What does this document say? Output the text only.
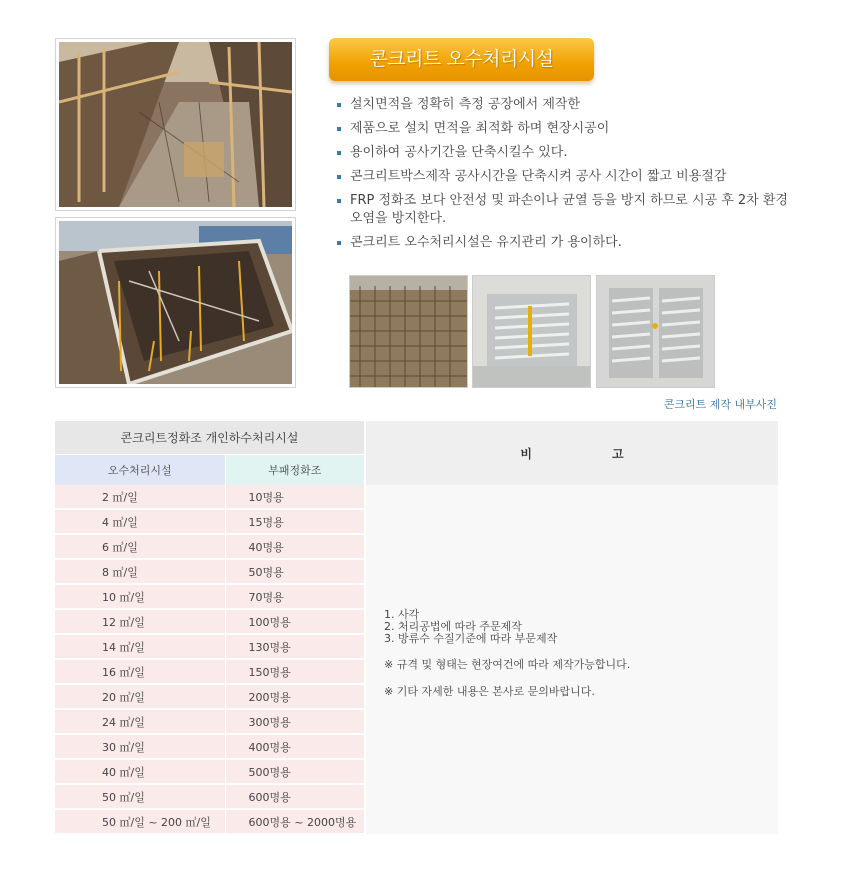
콘크리트 오수처리시설
설치면적을 정확히 측정 공장에서 제작한
제품으로 설치 면적을 최적화 하며 현장시공이
용이하여 공사기간을 단축시킬수 있다.
콘크리트박스제작 공사시간을 단축시켜 공사 시간이 짧고 비용절감
FRP 정화조 보다 안전성 및 파손이나 균열 등을 방지 하므로 시공 후 2차 환경오염을 방지한다.
콘크리트 오수처리시설은 유지관리 가 용이하다.
콘크리트 제작 내부사진
콘크리트정화조 개인하수처리시설		비 고
오수처리시설	부패정화조	
2 ㎥/일	10명용	1. 사각

2. 처리공법에 따라 주문제작

3. 방류수 수질기준에 따라 부문제작

※ 규격 및 형태는 현장여건에 따라 제작가능합니다.

※ 기타 자세한 내용은 본사로 문의바랍니다.

4 ㎥/일	15명용	
6 ㎥/일	40명용	
8 ㎥/일	50명용	
10 ㎥/일	70명용	
12 ㎥/일	100명용	
14 ㎥/일	130명용	
16 ㎥/일	150명용	
20 ㎥/일	200명용	
24 ㎥/일	300명용	
30 ㎥/일	400명용	
40 ㎥/일	500명용	
50 ㎥/일	600명용	
50 ㎥/일 ~ 200 ㎥/일	600명용 ~ 2000명용	
